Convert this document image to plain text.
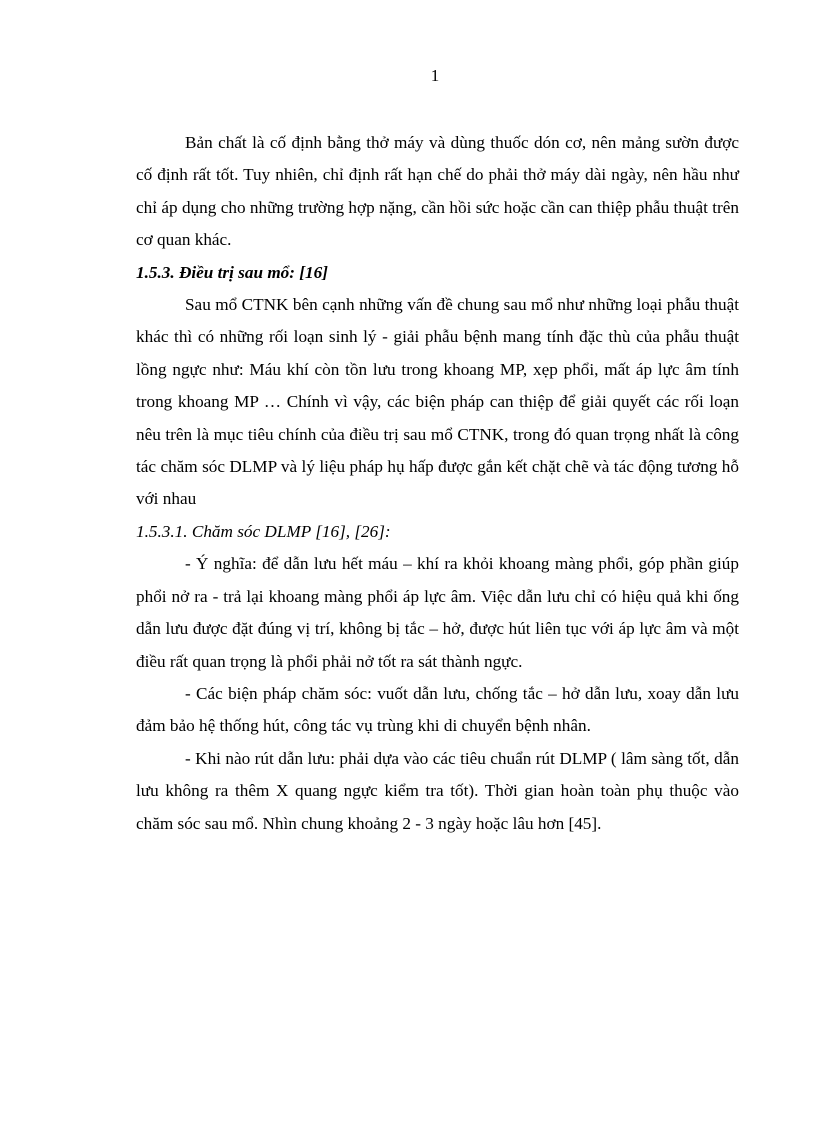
1

Bản chất là cố định bằng thở máy và dùng thuốc dón cơ, nên mảng sườn được cố định rất tốt. Tuy nhiên, chỉ định rất hạn chế do phải thở máy dài ngày, nên hầu như chỉ áp dụng cho những trường hợp nặng, cần hồi sức hoặc cần can thiệp phẫu thuật trên cơ quan khác.

1.5.3. Điều trị sau mổ: [16]

Sau mổ CTNK bên cạnh những vấn đề chung sau mổ như những loại phẫu thuật khác thì có những rối loạn sinh lý - giải phẫu bệnh mang tính đặc thù của phẫu thuật lồng ngực như: Máu khí còn tồn lưu trong khoang MP, xẹp phổi, mất áp lực âm tính trong khoang MP … Chính vì vậy, các biện pháp can thiệp để giải quyết các rối loạn nêu trên là mục tiêu chính của điều trị sau mổ CTNK, trong đó quan trọng nhất là công tác chăm sóc DLMP và lý liệu pháp hụ hấp được gắn kết chặt chẽ và tác động tương hỗ với nhau

1.5.3.1. Chăm sóc DLMP [16], [26]:

- Ý nghĩa: để dẫn lưu hết máu – khí ra khỏi khoang màng phổi, góp phần giúp phổi nở ra - trả lại khoang màng phổi áp lực âm. Việc dẫn lưu chỉ có hiệu quả khi ống dẫn lưu được đặt đúng vị trí, không bị tắc – hở, được hút liên tục với áp lực âm và một điều rất quan trọng là phổi phải nở tốt ra sát thành ngực.

- Các biện pháp chăm sóc: vuốt dẫn lưu, chống tắc – hở dẫn lưu, xoay dẫn lưu đảm bảo hệ thống hút, công tác vụ trùng khi di chuyển bệnh nhân.

- Khi nào rút dẫn lưu: phải dựa vào các tiêu chuẩn rút DLMP ( lâm sàng tốt, dẫn lưu không ra thêm X quang ngực kiểm tra tốt). Thời gian hoàn toàn phụ thuộc vào chăm sóc sau mổ. Nhìn chung khoảng 2 - 3 ngày hoặc lâu hơn [45].
